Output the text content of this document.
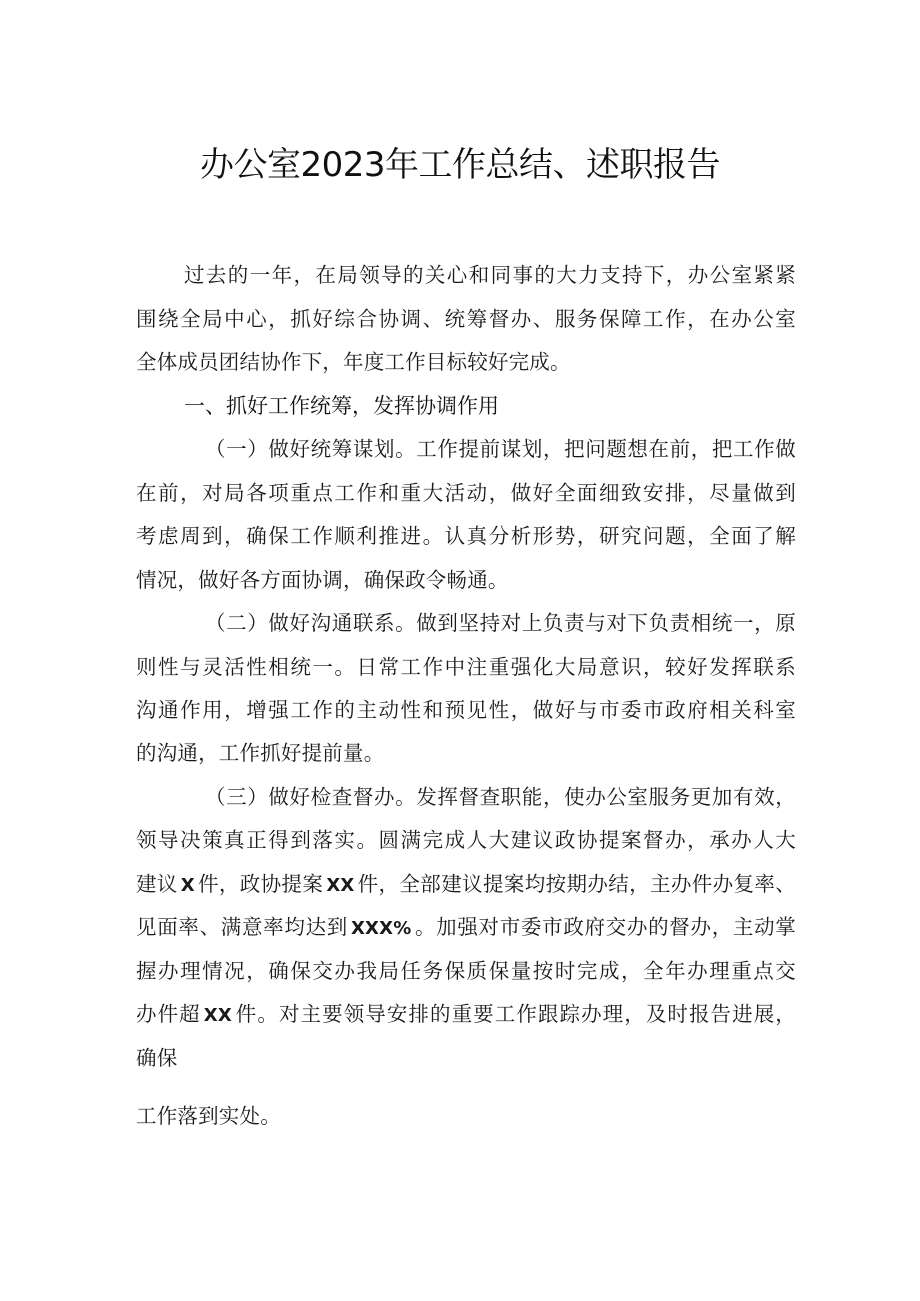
办公室2023年工作总结、述职报告
过去的一年，在局领导的关心和同事的大力支持下，办公室紧紧
围绕全局中心，抓好综合协调、统筹督办、服务保障工作，在办公室
全体成员团结协作下，年度工作目标较好完成。
一、抓好工作统筹，发挥协调作用
（一）做好统筹谋划。工作提前谋划，把问题想在前，把工作做
在前，对局各项重点工作和重大活动，做好全面细致安排，尽量做到
考虑周到，确保工作顺利推进。认真分析形势，研究问题，全面了解
情况，做好各方面协调，确保政令畅通。
（二）做好沟通联系。做到坚持对上负责与对下负责相统一，原
则性与灵活性相统一。日常工作中注重强化大局意识，较好发挥联系
沟通作用，增强工作的主动性和预见性，做好与市委市政府相关科室
的沟通，工作抓好提前量。
（三）做好检查督办。发挥督查职能，使办公室服务更加有效，
领导决策真正得到落实。圆满完成人大建议政协提案督办，承办人大
建议 X 件，政协提案 XX 件，全部建议提案均按期办结，主办件办复率、
见面率、满意率均达到 XXX% 。加强对市委市政府交办的督办，主动掌
握办理情况，确保交办我局任务保质保量按时完成，全年办理重点交
办件超 XX 件。对主要领导安排的重要工作跟踪办理，及时报告进展，
确保
工作落到实处。
